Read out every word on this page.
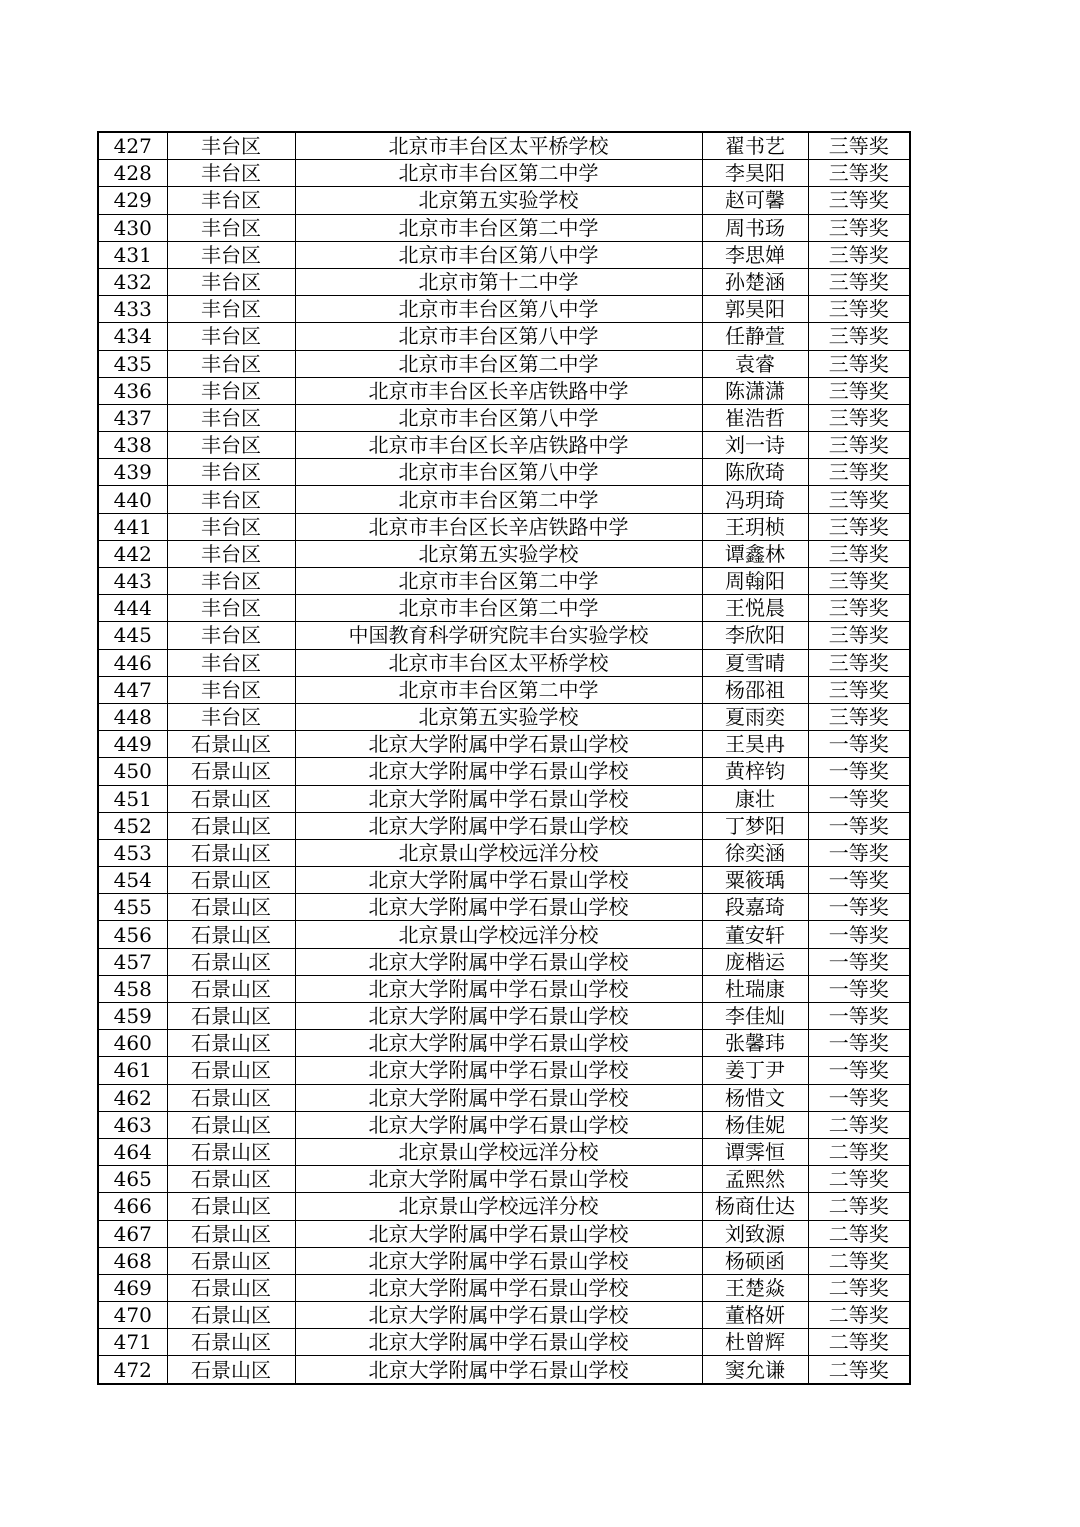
427	丰台区	北京市丰台区太平桥学校	翟书艺	三等奖
428	丰台区	北京市丰台区第二中学	李昊阳	三等奖
429	丰台区	北京第五实验学校	赵可馨	三等奖
430	丰台区	北京市丰台区第二中学	周书玚	三等奖
431	丰台区	北京市丰台区第八中学	李思婵	三等奖
432	丰台区	北京市第十二中学	孙楚涵	三等奖
433	丰台区	北京市丰台区第八中学	郭昊阳	三等奖
434	丰台区	北京市丰台区第八中学	任静萱	三等奖
435	丰台区	北京市丰台区第二中学	袁睿	三等奖
436	丰台区	北京市丰台区长辛店铁路中学	陈潇潇	三等奖
437	丰台区	北京市丰台区第八中学	崔浩哲	三等奖
438	丰台区	北京市丰台区长辛店铁路中学	刘一诗	三等奖
439	丰台区	北京市丰台区第八中学	陈欣琦	三等奖
440	丰台区	北京市丰台区第二中学	冯玥琦	三等奖
441	丰台区	北京市丰台区长辛店铁路中学	王玥桢	三等奖
442	丰台区	北京第五实验学校	谭鑫林	三等奖
443	丰台区	北京市丰台区第二中学	周翰阳	三等奖
444	丰台区	北京市丰台区第二中学	王悦晨	三等奖
445	丰台区	中国教育科学研究院丰台实验学校	李欣阳	三等奖
446	丰台区	北京市丰台区太平桥学校	夏雪晴	三等奖
447	丰台区	北京市丰台区第二中学	杨邵祖	三等奖
448	丰台区	北京第五实验学校	夏雨奕	三等奖
449	石景山区	北京大学附属中学石景山学校	王昊冉	一等奖
450	石景山区	北京大学附属中学石景山学校	黄梓钧	一等奖
451	石景山区	北京大学附属中学石景山学校	康壮	一等奖
452	石景山区	北京大学附属中学石景山学校	丁梦阳	一等奖
453	石景山区	北京景山学校远洋分校	徐奕涵	一等奖
454	石景山区	北京大学附属中学石景山学校	粟筱瑀	一等奖
455	石景山区	北京大学附属中学石景山学校	段嘉琦	一等奖
456	石景山区	北京景山学校远洋分校	董安轩	一等奖
457	石景山区	北京大学附属中学石景山学校	庞楷运	一等奖
458	石景山区	北京大学附属中学石景山学校	杜瑞康	一等奖
459	石景山区	北京大学附属中学石景山学校	李佳灿	一等奖
460	石景山区	北京大学附属中学石景山学校	张馨玮	一等奖
461	石景山区	北京大学附属中学石景山学校	姜丁尹	一等奖
462	石景山区	北京大学附属中学石景山学校	杨惜文	一等奖
463	石景山区	北京大学附属中学石景山学校	杨佳妮	二等奖
464	石景山区	北京景山学校远洋分校	谭霁恒	二等奖
465	石景山区	北京大学附属中学石景山学校	孟熙然	二等奖
466	石景山区	北京景山学校远洋分校	杨商仕达	二等奖
467	石景山区	北京大学附属中学石景山学校	刘致源	二等奖
468	石景山区	北京大学附属中学石景山学校	杨硕函	二等奖
469	石景山区	北京大学附属中学石景山学校	王楚焱	二等奖
470	石景山区	北京大学附属中学石景山学校	董格妍	二等奖
471	石景山区	北京大学附属中学石景山学校	杜曾辉	二等奖
472	石景山区	北京大学附属中学石景山学校	窦允谦	二等奖
